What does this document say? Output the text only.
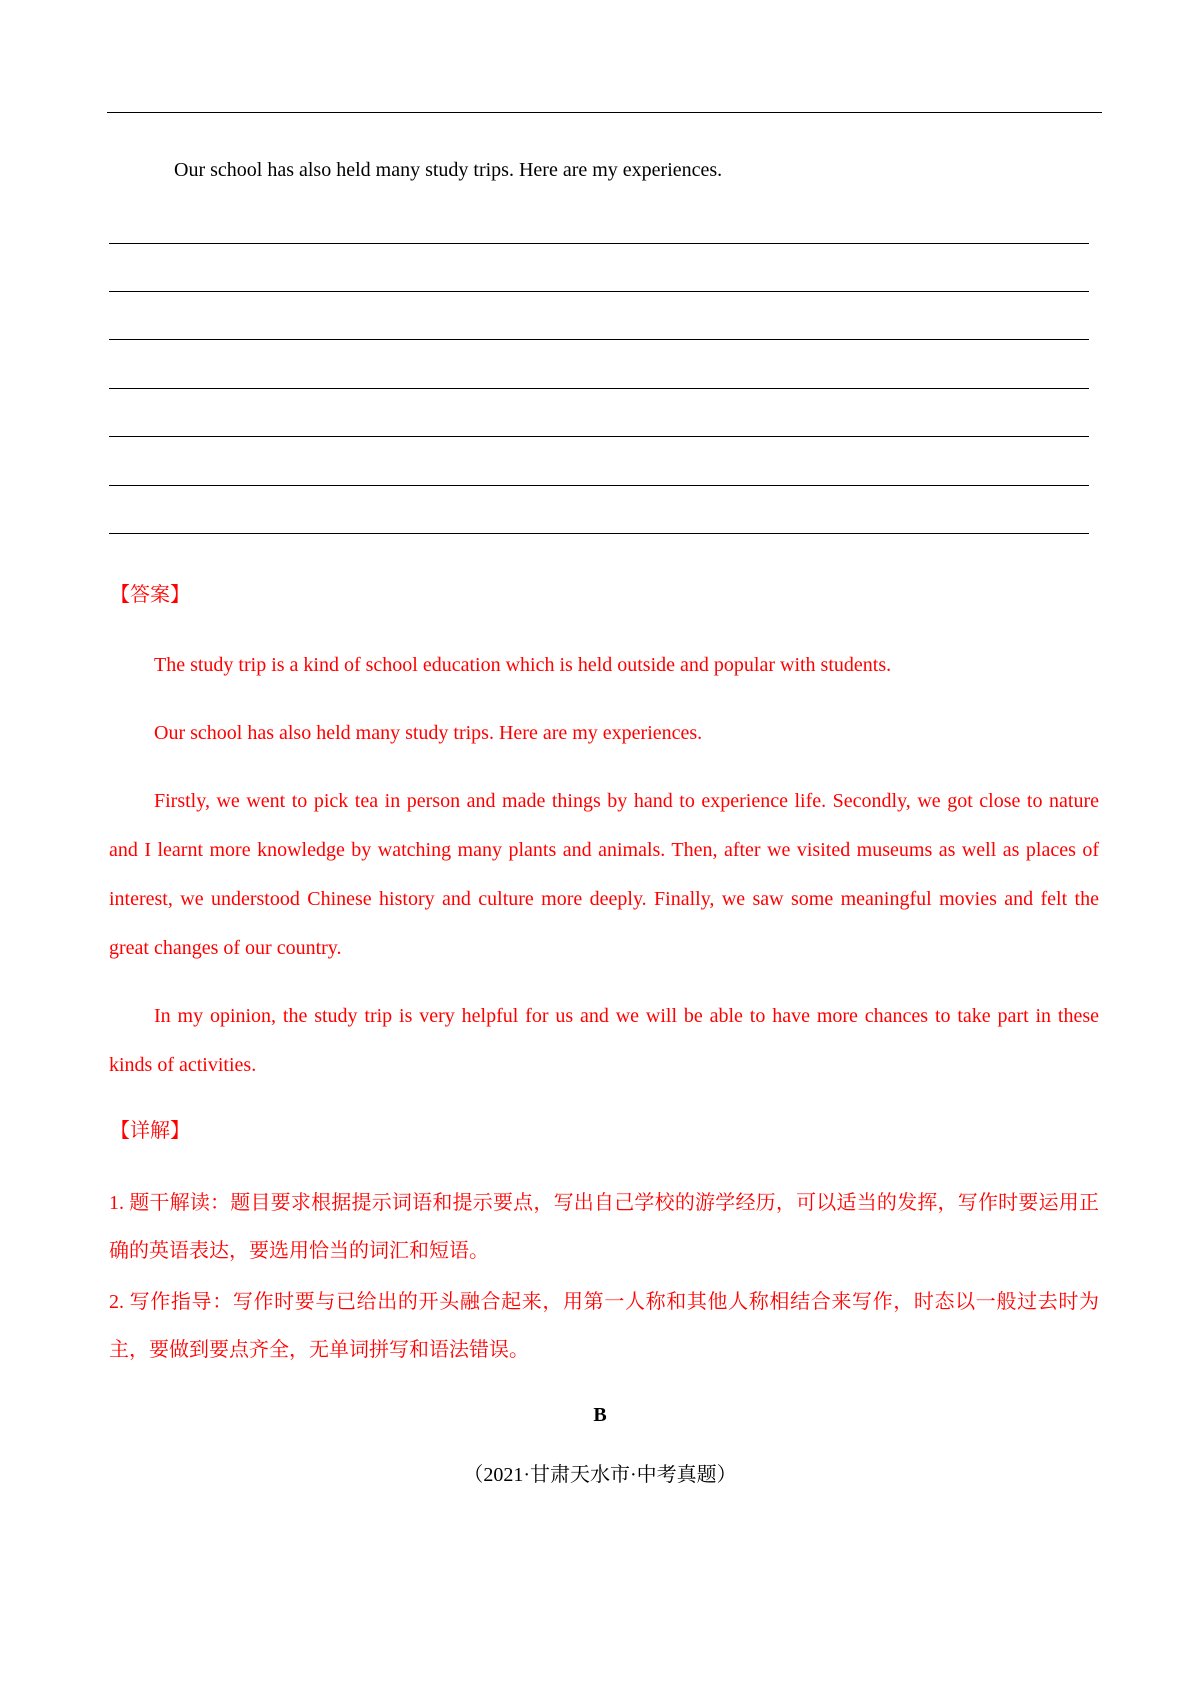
Our school has also held many study trips. Here are my experiences.
【答案】

The study trip is a kind of school education which is held outside and popular with students.

Our school has also held many study trips. Here are my experiences.

Firstly, we went to pick tea in person and made things by hand to experience life. Secondly, we got close to nature and I learnt more knowledge by watching many plants and animals. Then, after we visited museums as well as places of interest, we understood Chinese history and culture more deeply. Finally, we saw some meaningful movies and felt the great changes of our country.

In my opinion, the study trip is very helpful for us and we will be able to have more chances to take part in these kinds of activities.

【详解】

1. 题干解读：题目要求根据提示词语和提示要点，写出自己学校的游学经历，可以适当的发挥，写作时要运用正确的英语表达，要选用恰当的词汇和短语。

2. 写作指导：写作时要与已给出的开头融合起来，用第一人称和其他人称相结合来写作，时态以一般过去时为主，要做到要点齐全，无单词拼写和语法错误。

B
（2021·甘肃天水市·中考真题）
